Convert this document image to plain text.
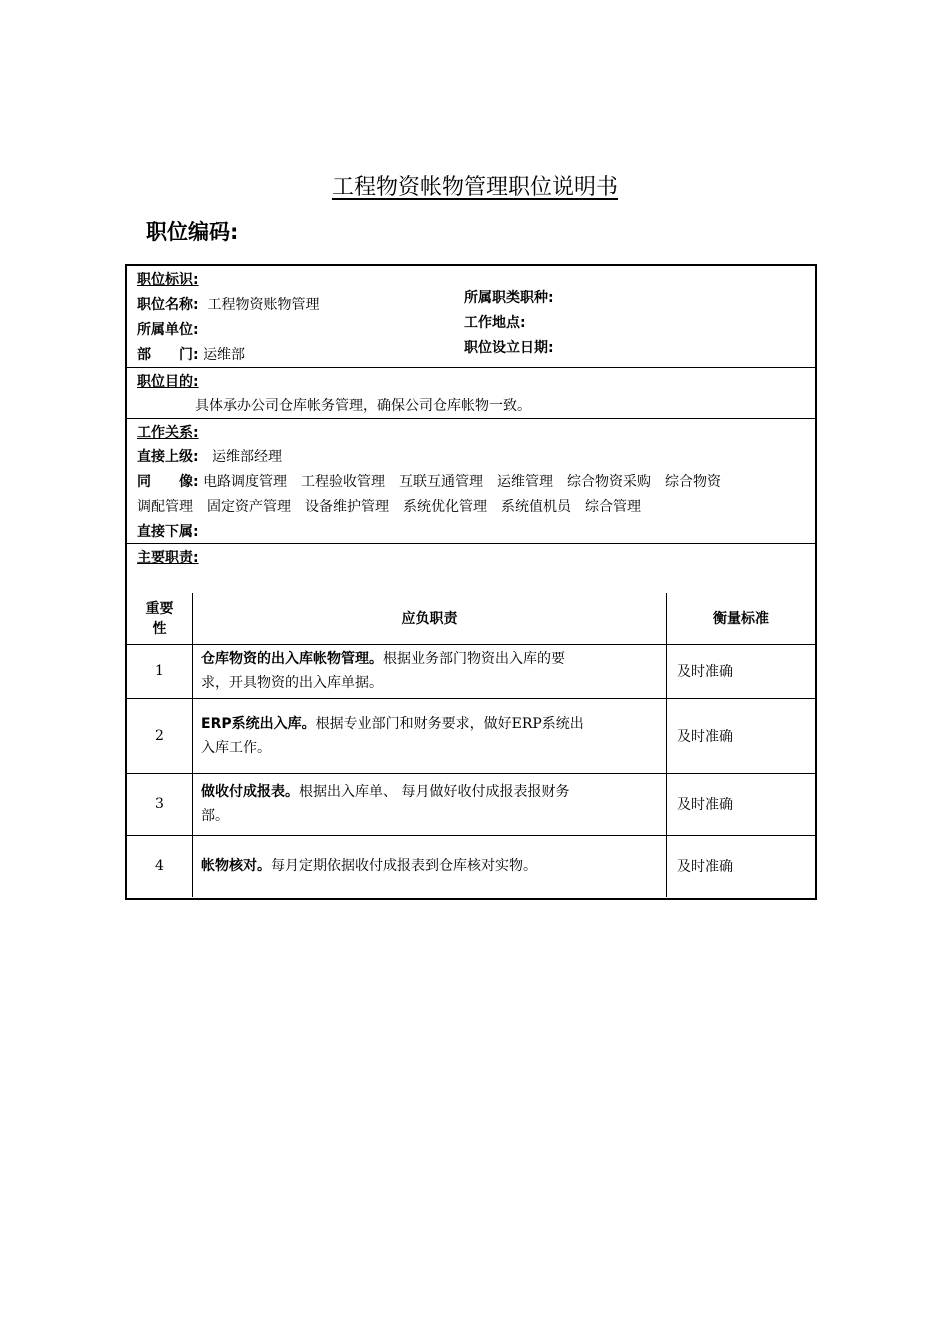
工程物资帐物管理职位说明书
职位编码:
职位标识:
职位名称: 工程物资账物管理
所属单位:
部　　门: 运维部
所属职类职种:
工作地点:
职位设立日期:
职位目的:
具体承办公司仓库帐务管理，确保公司仓库帐物一致。
工作关系:
直接上级: 运维部经理
同　　像: 电路调度管理　工程验收管理　互联互通管理　运维管理　综合物资采购　综合物资
调配管理　固定资产管理　设备维护管理　系统优化管理　系统值机员　综合管理
直接下属:
主要职责:
重要
性	应负职责	衡量标准
1	仓库物资的出入库帐物管理。根据业务部门物资出入库的要
求，开具物资的出入库单据。	及时准确
2	ERP系统出入库。根据专业部门和财务要求，做好ERP系统出
入库工作。	及时准确
3	做收付成报表。根据出入库单、 每月做好收付成报表报财务
部。	及时准确
4	帐物核对。每月定期依据收付成报表到仓库核对实物。	及时准确
